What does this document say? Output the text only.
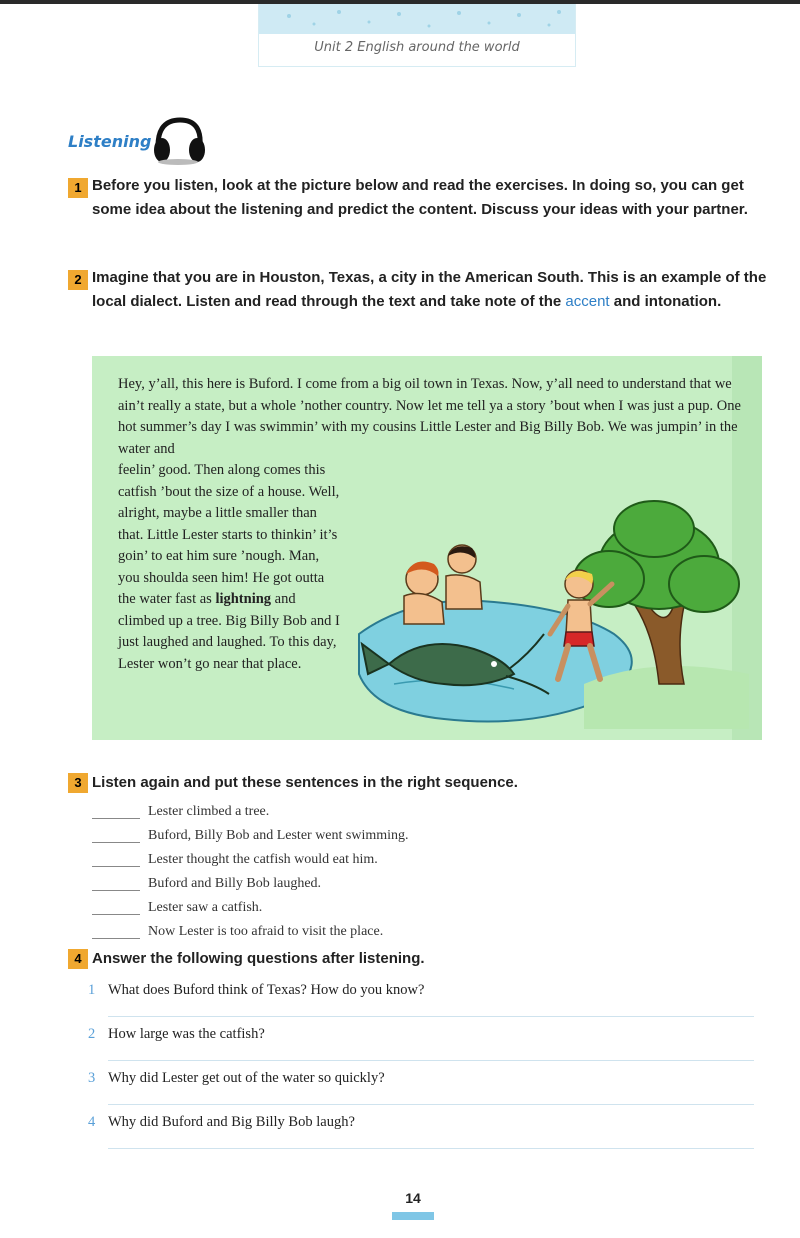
Unit 2 English around the world
Listening
1 Before you listen, look at the picture below and read the exercises. In doing so, you can get some idea about the listening and predict the content. Discuss your ideas with your partner.
2 Imagine that you are in Houston, Texas, a city in the American South. This is an example of the local dialect. Listen and read through the text and take note of the accent and intonation.
Hey, y’all, this here is Buford. I come from a big oil town in Texas. Now, y’all need to understand that we ain’t really a state, but a whole ’nother country. Now let me tell ya a story ’bout when I was just a pup. One hot summer’s day I was swimmin’ with my cousins Little Lester and Big Billy Bob. We was jumpin’ in the water and
feelin’ good. Then along comes this catfish ’bout the size of a house. Well, alright, maybe a little smaller than that. Little Lester starts to thinkin’ it’s goin’ to eat him sure ’nough. Man, you shoulda seen him! He got outta the water fast as lightning and climbed up a tree. Big Billy Bob and I just laughed and laughed. To this day, Lester won’t go near that place.
3 Listen again and put these sentences in the right sequence.
Lester climbed a tree.
Buford, Billy Bob and Lester went swimming.
Lester thought the catfish would eat him.
Buford and Billy Bob laughed.
Lester saw a catfish.
Now Lester is too afraid to visit the place.
4 Answer the following questions after listening.
1 What does Buford think of Texas? How do you know?
2 How large was the catfish?
3 Why did Lester get out of the water so quickly?
4 Why did Buford and Big Billy Bob laugh?
14
